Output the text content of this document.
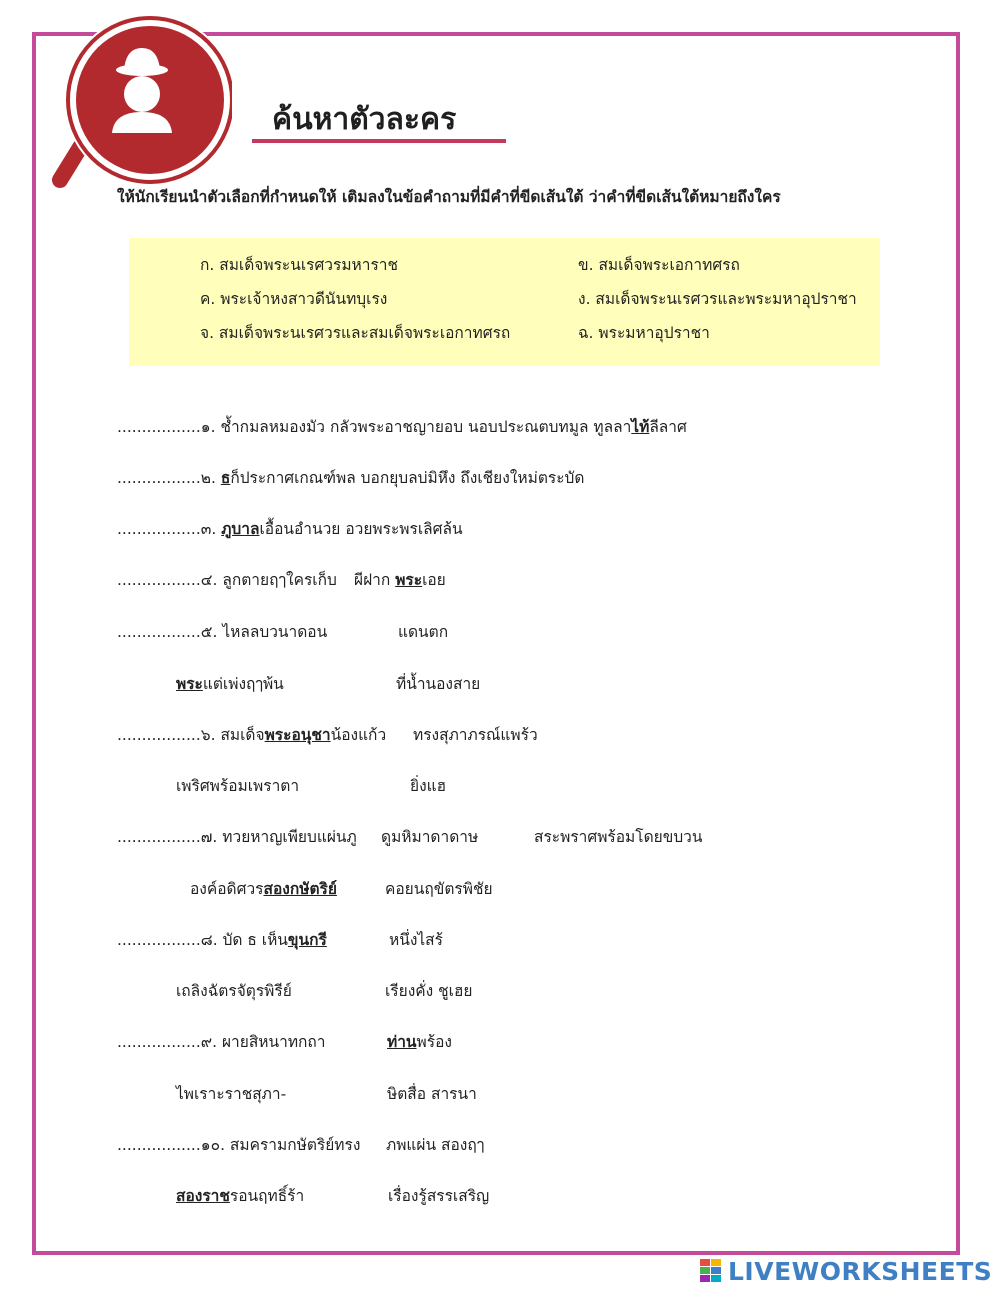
ค้นหาตัวละคร
ให้นักเรียนนำตัวเลือกที่กำหนดให้ เติมลงในข้อคำถามที่มีคำที่ขีดเส้นใต้ ว่าคำที่ขีดเส้นใต้หมายถึงใคร
ก. สมเด็จพระนเรศวรมหาราช	ข. สมเด็จพระเอกาทศรถ
ค. พระเจ้าหงสาวดีนันทบุเรง	ง. สมเด็จพระนเรศวรและพระมหาอุปราชา
จ. สมเด็จพระนเรศวรและสมเด็จพระเอกาทศรถ	ฉ. พระมหาอุปราชา
.................๑. ช้ำกมลหมองมัว กลัวพระอาชญายอบ นอบประณตบทมูล ทูลลาไท้ลีลาศ
.................๒. ธก็ประกาศเกณฑ์พล บอกยุบลบ่มิหึง ถึงเชียงใหม่ตระบัด
.................๓. ภูบาลเอื้อนอำนวย อวยพระพรเลิศล้น
.................๔. ลูกตายฤๅใครเก็บ ผีฝาก พระเอย
.................๕. ไหลลบวนาดอน	แดนตก
พระแต่เพ่งฤๅพ้น	ที่น้ำนองสาย
.................๖. สมเด็จพระอนุชาน้องแก้ว ทรงสุภาภรณ์แพร้ว
เพริศพร้อมเพราตา	ยิ่งแฮ
.................๗. ทวยหาญเพียบแผ่นภู ดูมหิมาดาดาษ	สระพราศพร้อมโดยขบวน
องค์อดิศวรสองกษัตริย์	คอยนฤขัตรพิชัย
.................๘. บัด ธ เห็นขุนกรี	หนึ่งไสร้
เถลิงฉัตรจัตุรพิรีย์	เรียงคั่ง ชูเฮย
.................๙. ผายสิหนาทกถา	ท่านพร้อง
ไพเราะราชสุภา-	ษิตสื่อ สารนา
.................๑๐. สมครามกษัตริย์ทรง ภพแผ่น สองฤๅ
สองราชรอนฤทธิ์ร้า	เรื่องรู้สรรเสริญ
LIVEWORKSHEETS
